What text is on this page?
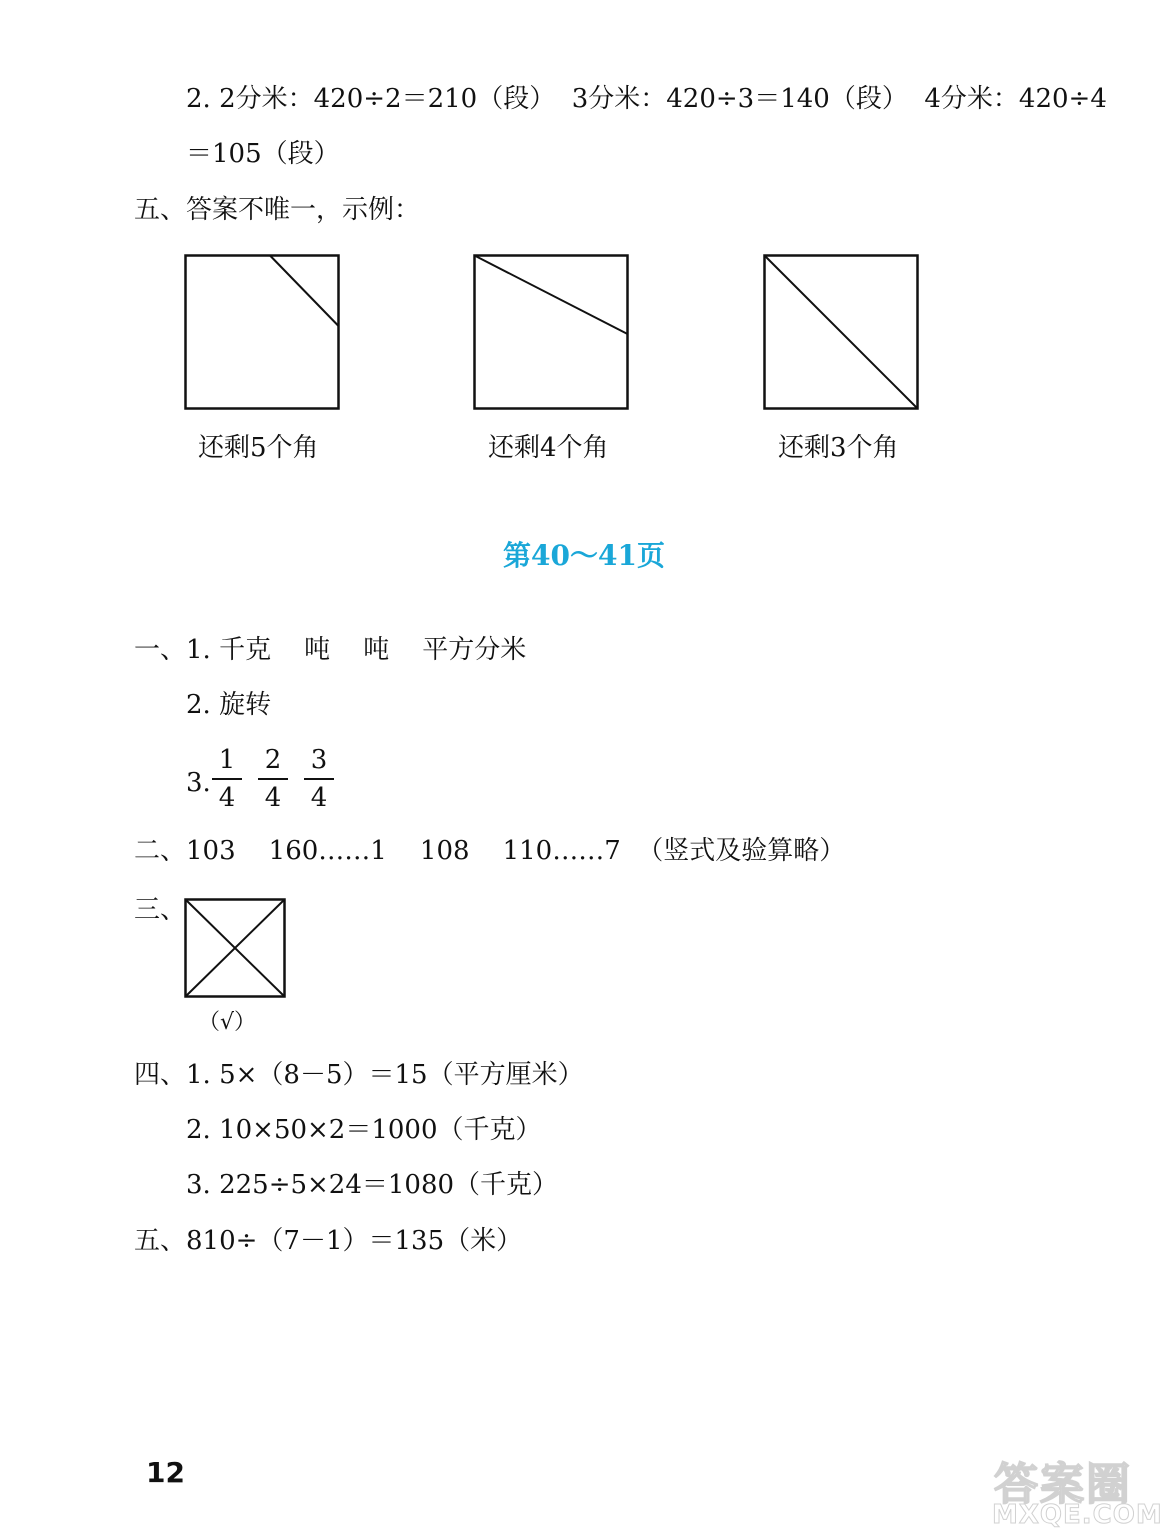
2. 2分米：420÷2＝210（段）  3分米：420÷3＝140（段）  4分米：420÷4
＝105（段）
五、答案不唯一，示例：
还剩5个角	还剩4个角	还剩3个角
第40～41页
一、1. 千克    吨    吨    平方分米
2. 旋转
3.
1
4
2
4
3
4
二、103    160……1    108    110……7  （竖式及验算略）
三、
（√）
四、1. 5×（8－5）＝15（平方厘米）
2. 10×50×2＝1000（千克）
3. 225÷5×24＝1080（千克）
五、810÷（7－1）＝135（米）
12	答案圈
MXQE.COM
